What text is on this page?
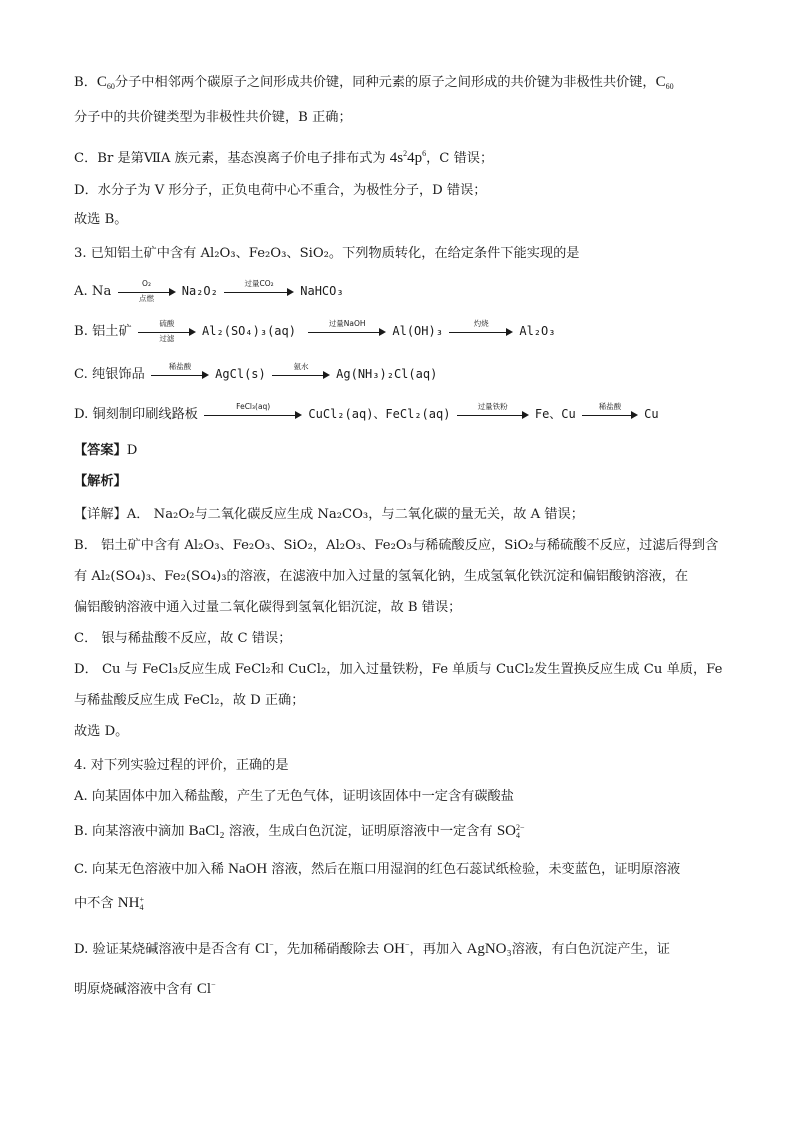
B．$C_{60}$分子中相邻两个碳原子之间形成共价键，同种元素的原子之间形成的共价键为非极性共价键，$C_{60}$
分子中的共价键类型为非极性共价键，B 正确；
C．Br 是第ⅦA 族元素，基态溴离子价电子排布式为 $4s^24p^6$，C 错误；
D．水分子为 V 形分子，正负电荷中心不重合，为极性分子，D 错误；
故选 B。
3. 已知铝土矿中含有 Al₂O₃、Fe₂O₃、SiO₂。下列物质转化，在给定条件下能实现的是
A. Na
O₂
点燃	Na₂O₂
过量CO₂
NaHCO₃
B. 铝土矿
硫酸
过滤	Al₂(SO₄)₃(aq)
过量NaOH
Al(OH)₃
灼烧
Al₂O₃
C. 纯银饰品
稀盐酸
AgCl(s)
氨水
Ag(NH₃)₂Cl(aq)
D. 铜刻制印刷线路板
FeCl₃(aq)
CuCl₂(aq)、FeCl₂(aq)
过量铁粉
Fe、Cu
稀盐酸
Cu
【答案】D
【解析】
【详解】A． Na₂O₂与二氧化碳反应生成 Na₂CO₃，与二氧化碳的量无关，故 A 错误；
B． 铝土矿中含有 Al₂O₃、Fe₂O₃、SiO₂，Al₂O₃、Fe₂O₃与稀硫酸反应，SiO₂与稀硫酸不反应，过滤后得到含
有 Al₂(SO₄)₃、Fe₂(SO₄)₃的溶液，在滤液中加入过量的氢氧化钠，生成氢氧化铁沉淀和偏铝酸钠溶液，在
偏铝酸钠溶液中通入过量二氧化碳得到氢氧化铝沉淀，故 B 错误；
C． 银与稀盐酸不反应，故 C 错误；
D． Cu 与 FeCl₃反应生成 FeCl₂和 CuCl₂，加入过量铁粉，Fe 单质与 CuCl₂发生置换反应生成 Cu 单质，Fe
与稀盐酸反应生成 FeCl₂，故 D 正确；
故选 D。
4. 对下列实验过程的评价，正确的是
A. 向某固体中加入稀盐酸，产生了无色气体，证明该固体中一定含有碳酸盐
B. 向某溶液中滴加 BaCl₂ 溶液，生成白色沉淀，证明原溶液中一定含有 SO 2−
4
C. 向某无色溶液中加入稀 NaOH 溶液，然后在瓶口用湿润的红色石蕊试纸检验，未变蓝色，证明原溶液
中不含 NH +
4
D. 验证某烧碱溶液中是否含有 Cl−，先加稀硝酸除去 OH−，再加入 AgNO₃溶液，有白色沉淀产生，证
明原烧碱溶液中含有 Cl−
